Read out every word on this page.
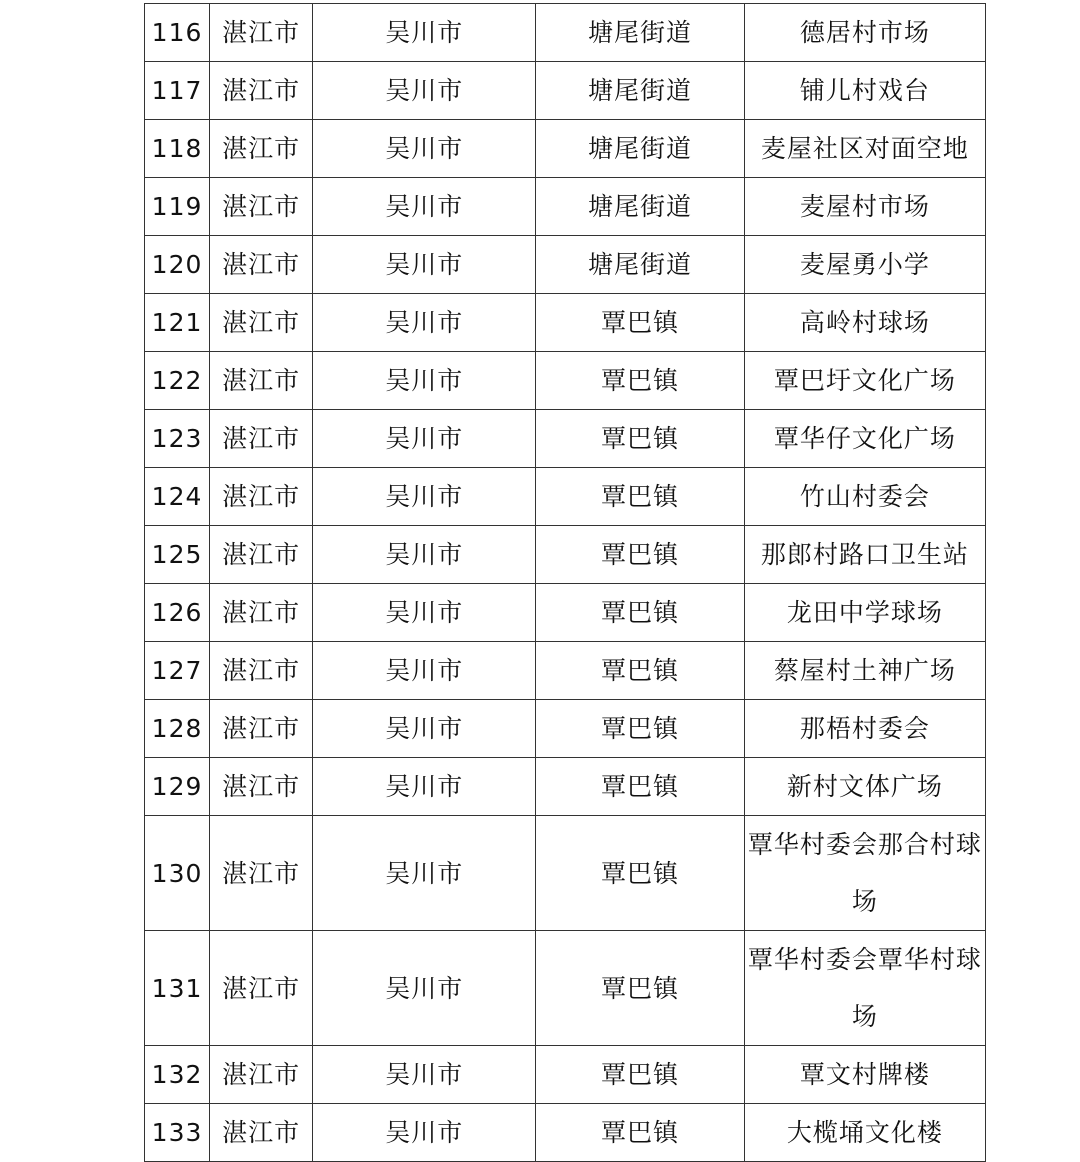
116	湛江市	吴川市	塘尾街道	德居村市场
117	湛江市	吴川市	塘尾街道	铺儿村戏台
118	湛江市	吴川市	塘尾街道	麦屋社区对面空地
119	湛江市	吴川市	塘尾街道	麦屋村市场
120	湛江市	吴川市	塘尾街道	麦屋勇小学
121	湛江市	吴川市	覃巴镇	高岭村球场
122	湛江市	吴川市	覃巴镇	覃巴圩文化广场
123	湛江市	吴川市	覃巴镇	覃华仔文化广场
124	湛江市	吴川市	覃巴镇	竹山村委会
125	湛江市	吴川市	覃巴镇	那郎村路口卫生站
126	湛江市	吴川市	覃巴镇	龙田中学球场
127	湛江市	吴川市	覃巴镇	蔡屋村土神广场
128	湛江市	吴川市	覃巴镇	那梧村委会
129	湛江市	吴川市	覃巴镇	新村文体广场
130	湛江市	吴川市	覃巴镇	覃华村委会那合村球场
131	湛江市	吴川市	覃巴镇	覃华村委会覃华村球场
132	湛江市	吴川市	覃巴镇	覃文村牌楼
133	湛江市	吴川市	覃巴镇	大榄埇文化楼
